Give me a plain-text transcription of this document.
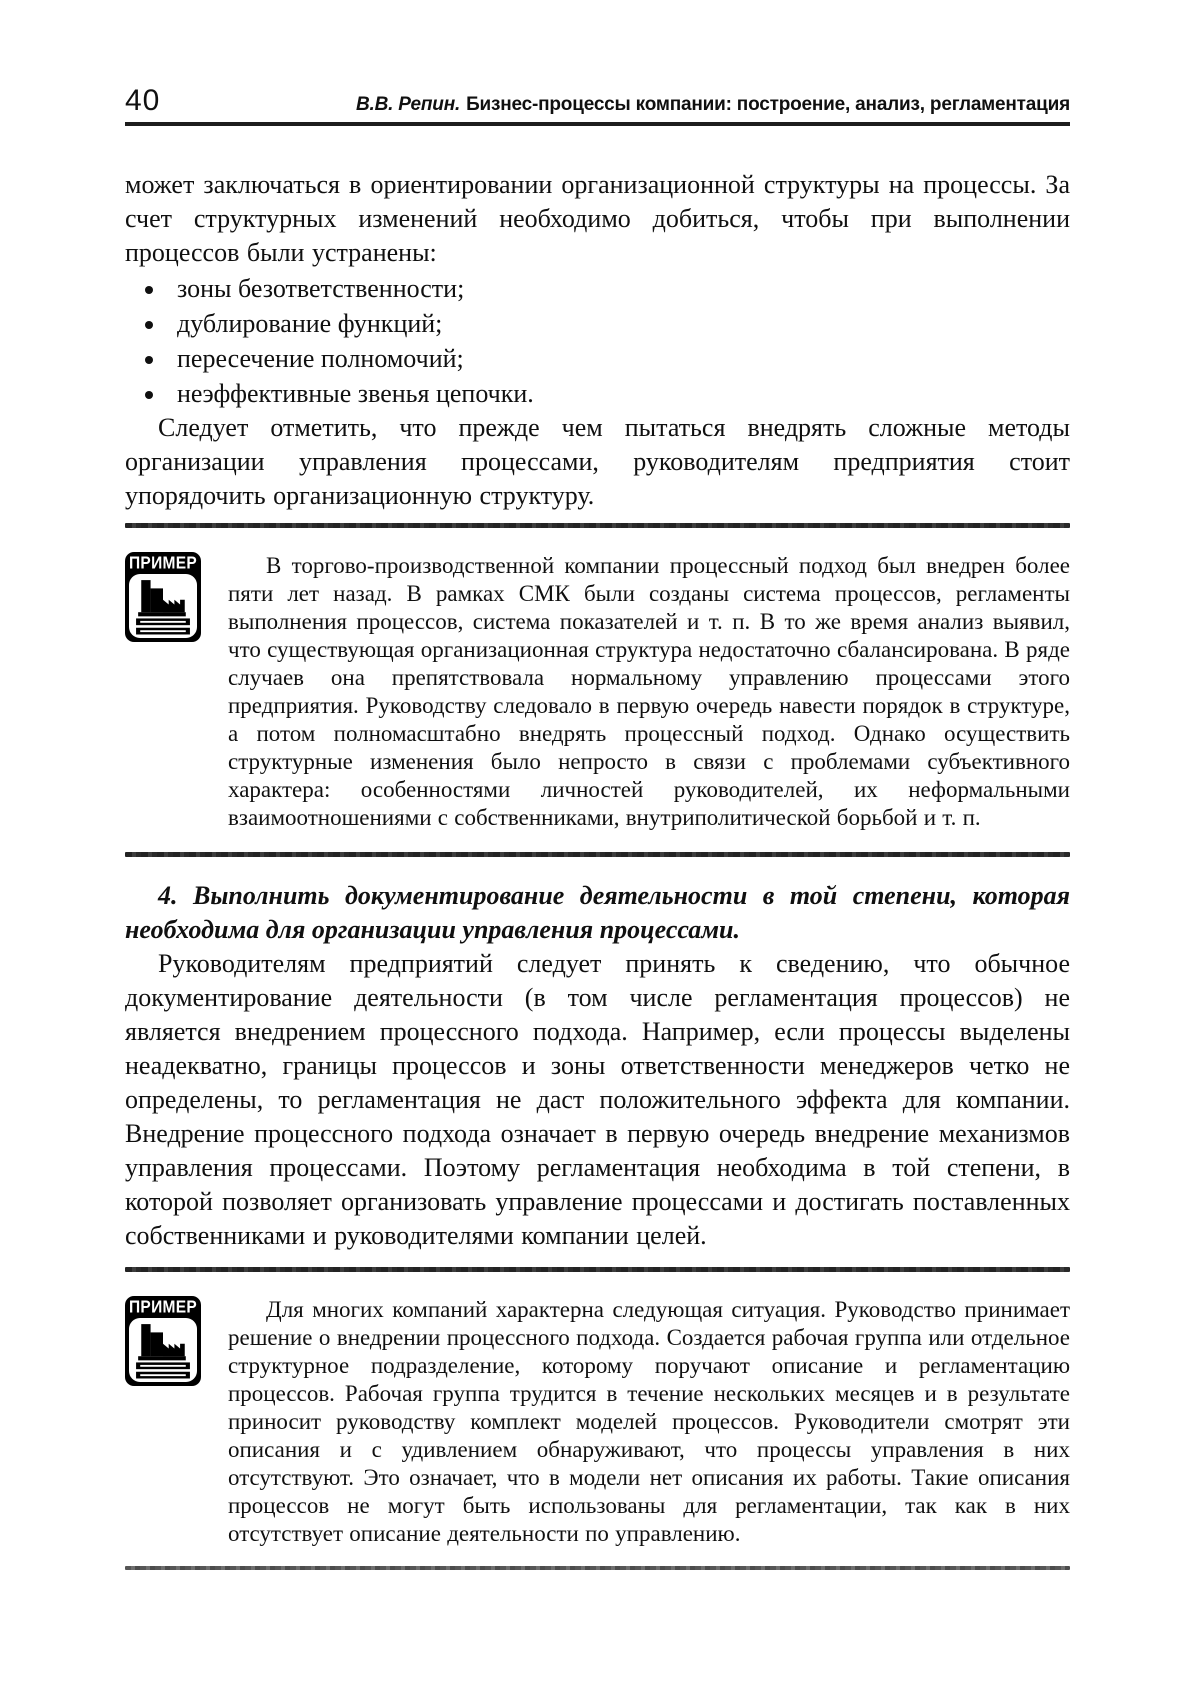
40	В.В. Репин. Бизнес-процессы компании: построение, анализ, регламентация

может заключаться в ориентировании организационной структуры на процессы. За счет структурных изменений необходимо добиться, чтобы при выполнении процессов были устранены:

• зоны безответственности;
• дублирование функций;
• пересечение полномочий;
• неэффективные звенья цепочки.

Следует отметить, что прежде чем пытаться внедрять сложные методы организации управления процессами, руководителям предприятия стоит упорядочить организационную структуру.

ПРИМЕР	В торгово-производственной компании процессный подход был внедрен более пяти лет назад. В рамках СМК были созданы система процессов, регламенты выполнения процессов, система показателей и т. п. В то же время анализ выявил, что существующая организационная структура недостаточно сбалансирована. В ряде случаев она препятствовала нормальному управлению процессами этого предприятия. Руководству следовало в первую очередь навести порядок в структуре, а потом полномасштабно внедрять процессный подход. Однако осуществить структурные изменения было непросто в связи с проблемами субъективного характера: особенностями личностей руководителей, их неформальными взаимоотношениями с собственниками, внутриполитической борьбой и т. п.

4. Выполнить документирование деятельности в той степени, которая необходима для организации управления процессами.

Руководителям предприятий следует принять к сведению, что обычное документирование деятельности (в том числе регламентация процессов) не является внедрением процессного подхода. Например, если процессы выделены неадекватно, границы процессов и зоны ответственности менеджеров четко не определены, то регламентация не даст положительного эффекта для компании. Внедрение процессного подхода означает в первую очередь внедрение механизмов управления процессами. Поэтому регламентация необходима в той степени, в которой позволяет организовать управление процессами и достигать поставленных собственниками и руководителями компании целей.

ПРИМЕР	Для многих компаний характерна следующая ситуация. Руководство принимает решение о внедрении процессного подхода. Создается рабочая группа или отдельное структурное подразделение, которому поручают описание и регламентацию процессов. Рабочая группа трудится в течение нескольких месяцев и в результате приносит руководству комплект моделей процессов. Руководители смотрят эти описания и с удивлением обнаруживают, что процессы управления в них отсутствуют. Это означает, что в модели нет описания их работы. Такие описания процессов не могут быть использованы для регламентации, так как в них отсутствует описание деятельности по управлению.
